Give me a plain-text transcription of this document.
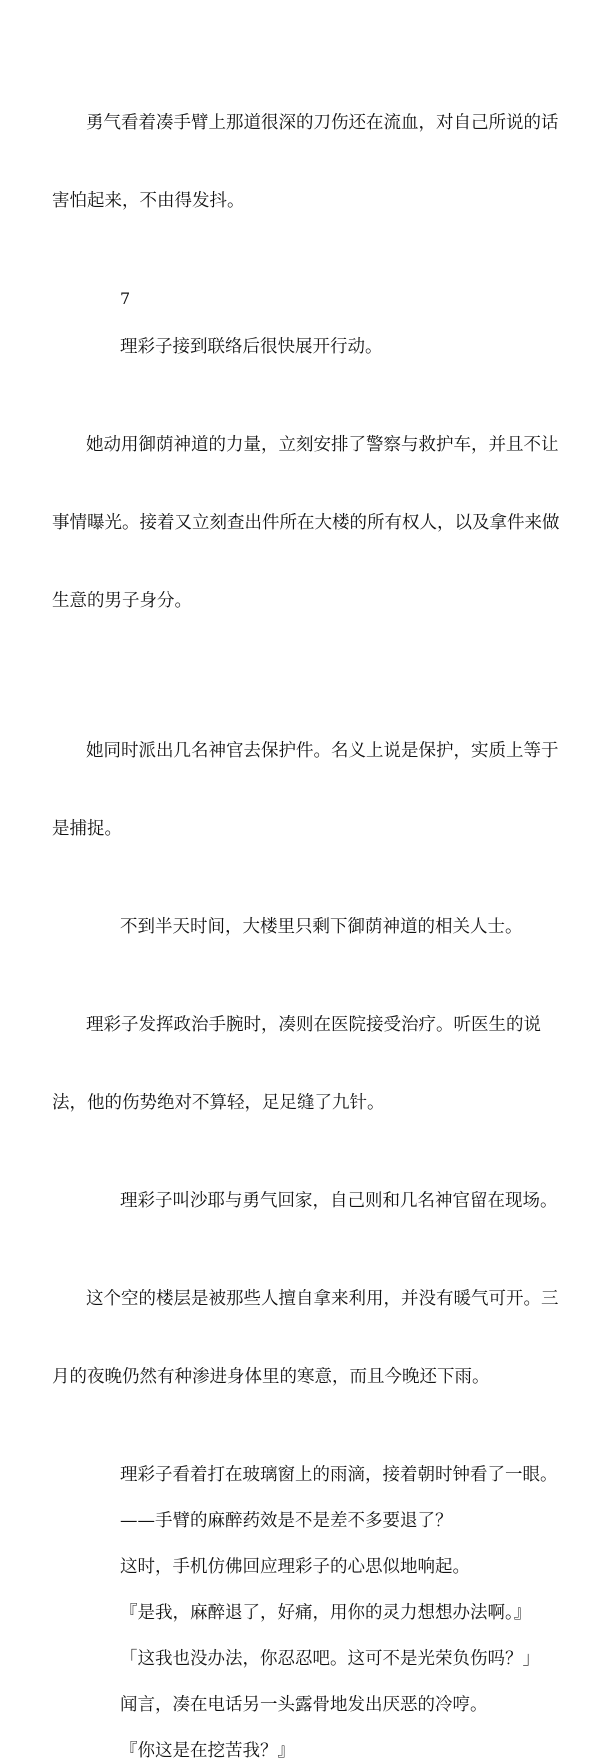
勇气看着凑手臂上那道很深的刀伤还在流血，对自己所说的话

害怕起来，不由得发抖。

7
理彩子接到联络后很快展开行动。

她动用御荫神道的力量，立刻安排了警察与救护车，并且不让

事情曝光。接着又立刻查出件所在大楼的所有权人，以及拿件来做

生意的男子身分。

她同时派出几名神官去保护件。名义上说是保护，实质上等于

是捕捉。

不到半天时间，大楼里只剩下御荫神道的相关人士。

理彩子发挥政治手腕时，凑则在医院接受治疗。听医生的说

法，他的伤势绝对不算轻，足足缝了九针。

理彩子叫沙耶与勇气回家，自己则和几名神官留在现场。

这个空的楼层是被那些人擅自拿来利用，并没有暖气可开。三

月的夜晚仍然有种渗进身体里的寒意，而且今晚还下雨。

理彩子看着打在玻璃窗上的雨滴，接着朝时钟看了一眼。
——手臂的麻醉药效是不是差不多要退了？
这时，手机仿佛回应理彩子的心思似地响起。
『是我，麻醉退了，好痛，用你的灵力想想办法啊。』
「这我也没办法，你忍忍吧。这可不是光荣负伤吗？」
闻言，凑在电话另一头露骨地发出厌恶的冷哼。
『你这是在挖苦我？』
